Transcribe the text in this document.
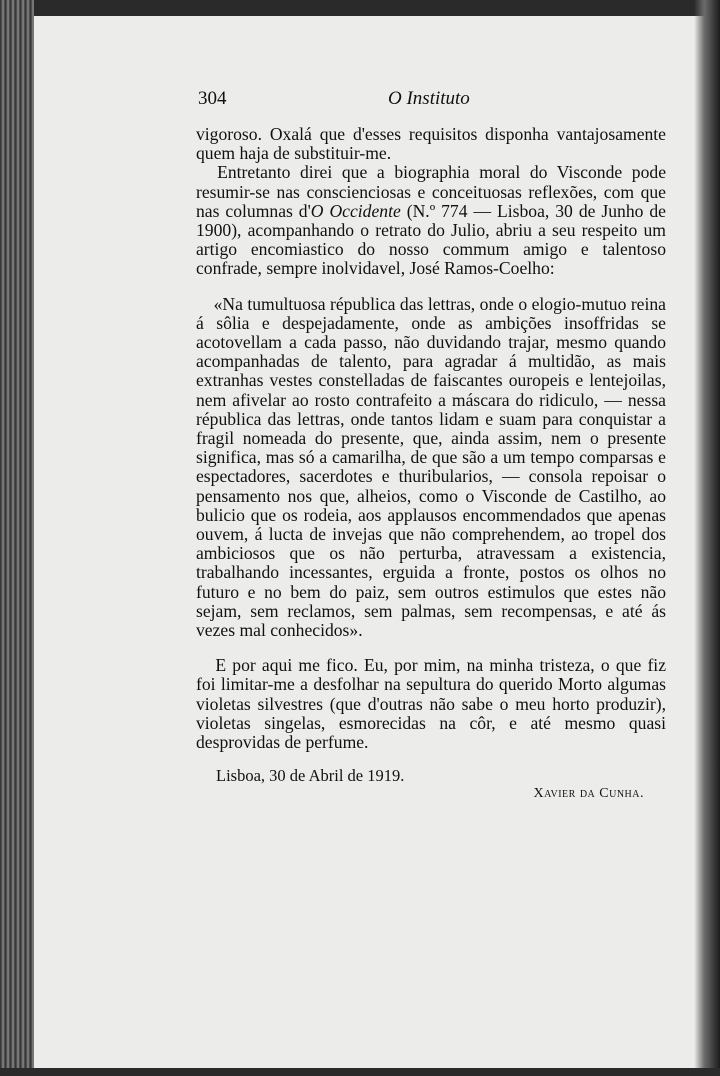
304	O Instituto

vigoroso. Oxalá que d'esses requisitos disponha vantajosamente quem haja de substituir-me.

Entretanto direi que a biographia moral do Visconde pode resumir-se nas conscienciosas e conceituosas reflexões, com que nas columnas d'O Occidente (N.º 774 — Lisboa, 30 de Junho de 1900), acompanhando o retrato do Julio, abriu a seu respeito um artigo encomiastico do nosso commum amigo e talentoso confrade, sempre inolvidavel, José Ramos-Coelho:

«Na tumultuosa républica das lettras, onde o elogio-mutuo reina á sôlia e despejadamente, onde as ambições insoffridas se acotovellam a cada passo, não duvidando trajar, mesmo quando acompanhadas de talento, para agradar á multidão, as mais extranhas vestes constelladas de faiscantes ouropeis e lentejoilas, nem afivelar ao rosto contrafeito a máscara do ridiculo, — nessa républica das lettras, onde tantos lidam e suam para conquistar a fragil nomeada do presente, que, ainda assim, nem o presente significa, mas só a camarilha, de que são a um tempo comparsas e espectadores, sacerdotes e thuribularios, — consola repoisar o pensamento nos que, alheios, como o Visconde de Castilho, ao bulicio que os rodeia, aos applausos encommendados que apenas ouvem, á lucta de invejas que não comprehendem, ao tropel dos ambiciosos que os não perturba, atravessam a existencia, trabalhando incessantes, erguida a fronte, postos os olhos no futuro e no bem do paiz, sem outros estimulos que estes não sejam, sem reclamos, sem palmas, sem recompensas, e até ás vezes mal conhecidos».

E por aqui me fico. Eu, por mim, na minha tristeza, o que fiz foi limitar-me a desfolhar na sepultura do querido Morto algumas violetas silvestres (que d'outras não sabe o meu horto produzir), violetas singelas, esmorecidas na côr, e até mesmo quasi desprovidas de perfume.

Lisboa, 30 de Abril de 1919.
Xavier da Cunha.
